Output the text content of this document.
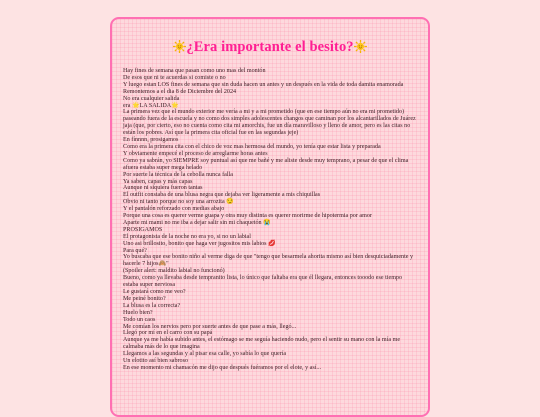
¿Era importante el besito?

Hay fines de semana que pasan como uno mas del montón

De esos que ni te acuerdas si comiste o no

Y luego estan LOS fines de semana que sin duda hacen un antes y un después en la vida de toda damita enamorada

Remontemos a el dia 8 de Diciembre del 2024

No era cualquier salida

era 🌟LA SALIDA🌟

La primera vez que el mundo exterior me vería a mi y a mi prometido (que en ese tiempo aún no era mi prometido) paseando fuera de la escuela y no como dos simples adolescentes changos que caminan por los alcantarillados de Juárez jaja (que, por cierto, eso no cuenta como cita mi amorchis, fue un día maravilloso y lleno de amor, pero es las citas no están los pobres. Así que la primera cita oficial fue en las segundas jeje)

En fínnnn, prosigamos

Como era la primera cita con el chico de voz mas hermosa del mundo, yo tenía que estar lista y preparada

Y obviamente empecé el proceso de arreglarme horas antes

Como ya sabrán, yo SIEMPRE soy puntual así que me bañé y me aliste desde muy temprano, a pesar de que el clima afuera estaba super mega helado

Por suerte la técnica de la cebolla nunca falla

Ya saben, capas y más capas

Aunque ni siquiera fueron tantas

El outfit constaba de una blusa negra que dejaba ver ligeramente a mis chiquillas

Obvio ni tanto porque no soy una arrozita 😏

Y el pantalón reforzado con medias abajo

Porque una cosa es querer verme guapa y otra muy distinta es querer morirme de hipotermia por amor

Aparte mi mami no me iba a dejar salir sin mi chaquetón 😭

PROSIGAMOS

El protagonista de la noche no era yo, si no un labial

Uno asi brillosito, bonito que haga ver jugositos mis labios 💋

Para qué?

Yo buscaba que ese bonito niño al verme diga de que "tengo que besarmela ahorita mismo así bien desquiciadamente y hacerle 7 hijos🙈"

(Spoiler alert: maldito labial no funcionó)

Bueno, como ya llevaba desde tempranito lista, lo único que faltaba era que él llegara, entonces tooodo ese tiempo estaba super nerviosa

Le gustará como me veo?

Me peiné bonito?

La blusa es la correcta?

Huelo bien?

Todo un caos

Me comían los nervios pero por suerte antes de que pase a más, llegó...

Llegó por mí en el carro con su papá

Aunque ya me había subido antes, el estómago se me seguía haciendo nudo, pero el sentir su mano con la mía me calmaba más de lo que imagina

Llegamos a las segundas y al pisar esa calle, yo sabía lo que quería

Un elotito así bien sabroso

En ese momento mi chamacón me dijo que después fuéramos por el elote, y así...
